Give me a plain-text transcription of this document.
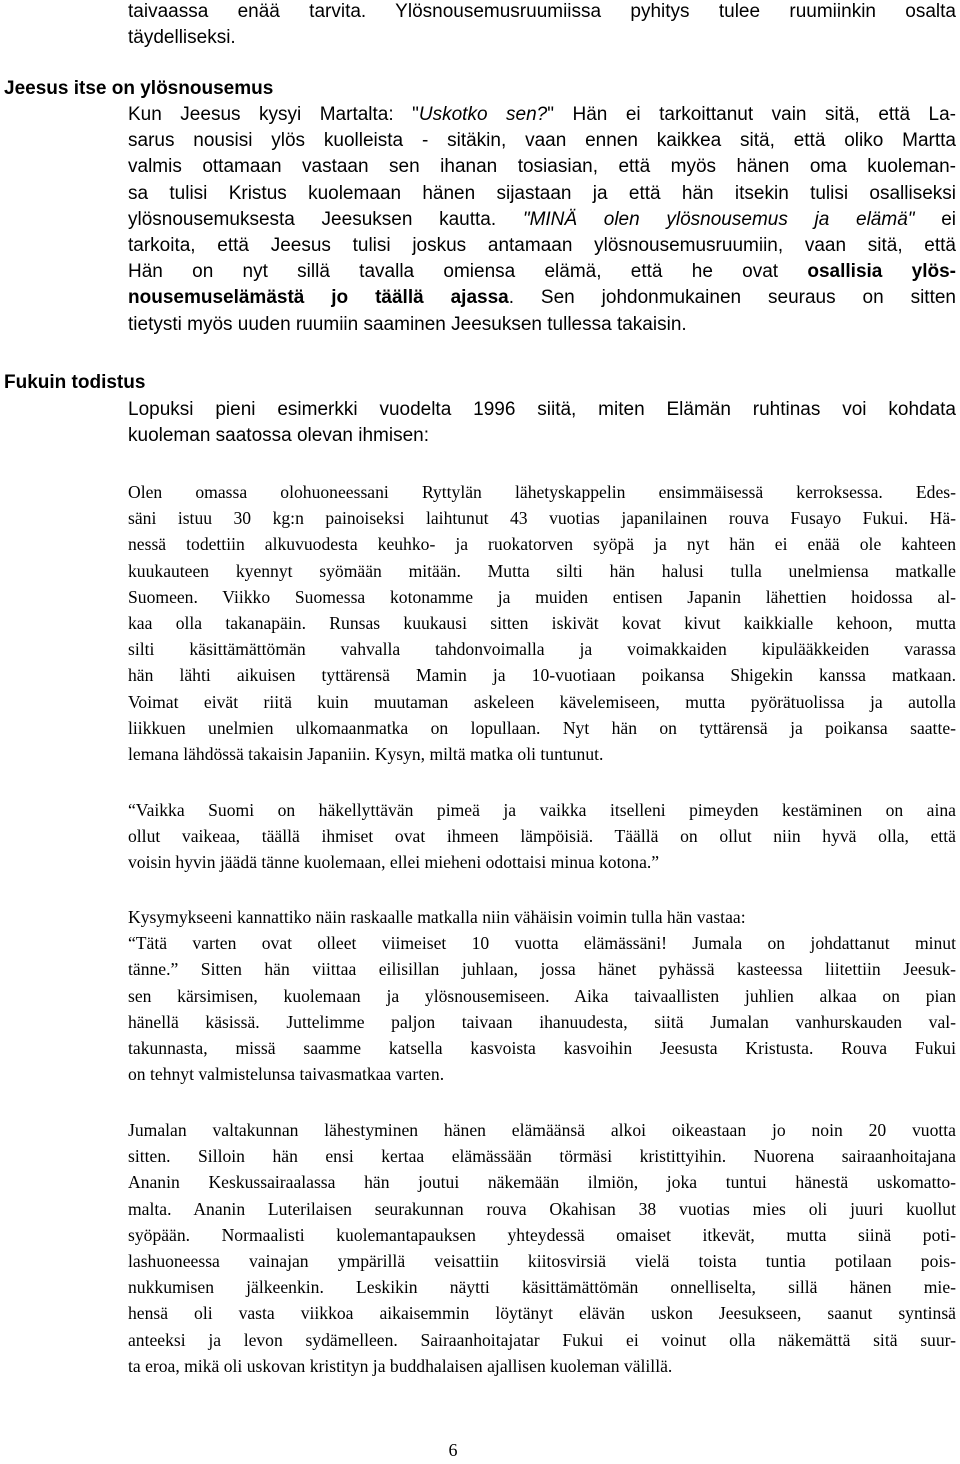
taivaassa enää tarvita. Ylösnousemusruumiissa pyhitys tulee ruumiinkin osalta
täydelliseksi.
Jeesus itse on ylösnousemus
Kun Jeesus kysyi Martalta: "Uskotko sen?" Hän ei tarkoittanut vain sitä, että La-
sarus nousisi ylös kuolleista - sitäkin, vaan ennen kaikkea sitä, että oliko Martta
valmis ottamaan vastaan sen ihanan tosiasian, että myös hänen oma kuoleman-
sa tulisi Kristus kuolemaan hänen sijastaan ja että hän itsekin tulisi osalliseksi
ylösnousemuksesta Jeesuksen kautta. "MINÄ olen ylösnousemus ja elämä" ei
tarkoita, että Jeesus tulisi joskus antamaan ylösnousemusruumiin, vaan sitä, että
Hän on nyt sillä tavalla omiensa elämä, että he ovat osallisia ylös-
nousemuselämästä jo täällä ajassa. Sen johdonmukainen seuraus on sitten
tietysti myös uuden ruumiin saaminen Jeesuksen tullessa takaisin.
Fukuin todistus
Lopuksi pieni esimerkki vuodelta 1996 siitä, miten Elämän ruhtinas voi kohdata
kuoleman saatossa olevan ihmisen:
Olen omassa olohuoneessani Ryttylän lähetyskappelin ensimmäisessä kerroksessa. Edes-
säni istuu 30 kg:n painoiseksi laihtunut 43 vuotias japanilainen rouva Fusayo Fukui. Hä-
nessä todettiin alkuvuodesta keuhko- ja ruokatorven syöpä ja nyt hän ei enää ole kahteen
kuukauteen kyennyt syömään mitään. Mutta silti hän halusi tulla unelmiensa matkalle
Suomeen. Viikko Suomessa kotonamme ja muiden entisen Japanin lähettien hoidossa al-
kaa olla takanapäin. Runsas kuukausi sitten iskivät kovat kivut kaikkialle kehoon, mutta
silti käsittämättömän vahvalla tahdonvoimalla ja voimakkaiden kipulääkkeiden varassa
hän lähti aikuisen tyttärensä Mamin ja 10-vuotiaan poikansa Shigekin kanssa matkaan.
Voimat eivät riitä kuin muutaman askeleen kävelemiseen, mutta pyörätuolissa ja autolla
liikkuen unelmien ulkomaanmatka on lopullaan. Nyt hän on tyttärensä ja poikansa saatte-
lemana lähdössä takaisin Japaniin. Kysyn, miltä matka oli tuntunut.
“Vaikka Suomi on häkellyttävän pimeä ja vaikka itselleni pimeyden kestäminen on aina
ollut vaikeaa, täällä ihmiset ovat ihmeen lämpöisiä. Täällä on ollut niin hyvä olla, että
voisin hyvin jäädä tänne kuolemaan, ellei mieheni odottaisi minua kotona.”
Kysymykseeni kannattiko näin raskaalle matkalla niin vähäisin voimin tulla hän vastaa:
“Tätä varten ovat olleet viimeiset 10 vuotta elämässäni! Jumala on johdattanut minut
tänne.” Sitten hän viittaa eilisillan juhlaan, jossa hänet pyhässä kasteessa liitettiin Jeesuk-
sen kärsimisen, kuolemaan ja ylösnousemiseen. Aika taivaallisten juhlien alkaa on pian
hänellä käsissä. Juttelimme paljon taivaan ihanuudesta, siitä Jumalan vanhurskauden val-
takunnasta, missä saamme katsella kasvoista kasvoihin Jeesusta Kristusta. Rouva Fukui
on tehnyt valmistelunsa taivasmatkaa varten.
Jumalan valtakunnan lähestyminen hänen elämäänsä alkoi oikeastaan jo noin 20 vuotta
sitten. Silloin hän ensi kertaa elämässään törmäsi kristittyihin. Nuorena sairaanhoitajana
Ananin Keskussairaalassa hän joutui näkemään ilmiön, joka tuntui hänestä uskomatto-
malta. Ananin Luterilaisen seurakunnan rouva Okahisan 38 vuotias mies oli juuri kuollut
syöpään. Normaalisti kuolemantapauksen yhteydessä omaiset itkevät, mutta siinä poti-
lashuoneessa vainajan ympärillä veisattiin kiitosvirsiä vielä toista tuntia potilaan pois-
nukkumisen jälkeenkin. Leskikin näytti käsittämättömän onnelliselta, sillä hänen mie-
hensä oli vasta viikkoa aikaisemmin löytänyt elävän uskon Jeesukseen, saanut syntinsä
anteeksi ja levon sydämelleen. Sairaanhoitajatar Fukui ei voinut olla näkemättä sitä suur-
ta eroa, mikä oli uskovan kristityn ja buddhalaisen ajallisen kuoleman välillä.
6
